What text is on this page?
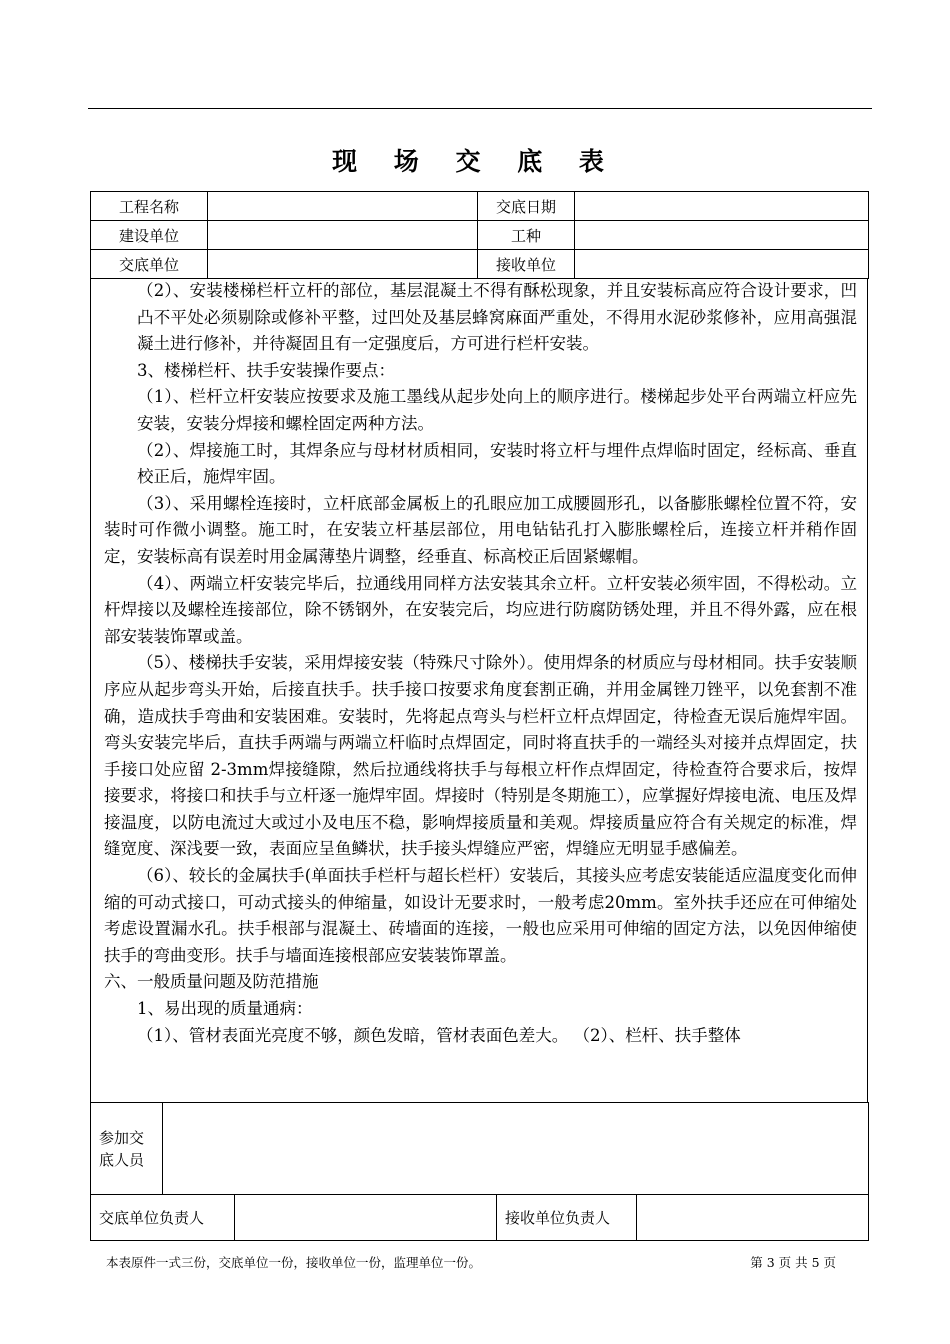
现 场 交 底 表
工程名称		交底日期	
建设单位		工种	
交底单位		接收单位	

（2）、安装楼梯栏杆立杆的部位，基层混凝土不得有酥松现象，并且安装标高应符合设计要求，凹凸不平处必须剔除或修补平整，过凹处及基层蜂窝麻面严重处，不得用水泥砂浆修补，应用高强混凝土进行修补，并待凝固且有一定强度后，方可进行栏杆安装。

3、楼梯栏杆、扶手安装操作要点：

（1）、栏杆立杆安装应按要求及施工墨线从起步处向上的顺序进行。楼梯起步处平台两端立杆应先安装，安装分焊接和螺栓固定两种方法。

（2）、焊接施工时，其焊条应与母材材质相同，安装时将立杆与埋件点焊临时固定，经标高、垂直校正后，施焊牢固。

（3）、采用螺栓连接时，立杆底部金属板上的孔眼应加工成腰圆形孔，以备膨胀螺栓位置不符，安装时可作微小调整。施工时，在安装立杆基层部位，用电钻钻孔打入膨胀螺栓后，连接立杆并稍作固定，安装标高有误差时用金属薄垫片调整，经垂直、标高校正后固紧螺帽。

（4）、两端立杆安装完毕后，拉通线用同样方法安装其余立杆。立杆安装必须牢固，不得松动。立杆焊接以及螺栓连接部位，除不锈钢外，在安装完后，均应进行防腐防锈处理，并且不得外露，应在根部安装装饰罩或盖。

（5）、楼梯扶手安装，采用焊接安装（特殊尺寸除外）。使用焊条的材质应与母材相同。扶手安装顺序应从起步弯头开始，后接直扶手。扶手接口按要求角度套割正确，并用金属锉刀锉平，以免套割不准确，造成扶手弯曲和安装困难。安装时，先将起点弯头与栏杆立杆点焊固定，待检查无误后施焊牢固。弯头安装完毕后，直扶手两端与两端立杆临时点焊固定，同时将直扶手的一端经头对接并点焊固定，扶手接口处应留 2-3mm焊接缝隙，然后拉通线将扶手与每根立杆作点焊固定，待检查符合要求后，按焊接要求，将接口和扶手与立杆逐一施焊牢固。焊接时（特别是冬期施工），应掌握好焊接电流、电压及焊接温度，以防电流过大或过小及电压不稳，影响焊接质量和美观。焊接质量应符合有关规定的标准，焊缝宽度、深浅要一致，表面应呈鱼鳞状，扶手接头焊缝应严密，焊缝应无明显手感偏差。

（6）、较长的金属扶手(单面扶手栏杆与超长栏杆）安装后，其接头应考虑安装能适应温度变化而伸缩的可动式接口，可动式接头的伸缩量，如设计无要求时，一般考虑20mm。室外扶手还应在可伸缩处考虑设置漏水孔。扶手根部与混凝土、砖墙面的连接，一般也应采用可伸缩的固定方法，以免因伸缩使扶手的弯曲变形。扶手与墙面连接根部应安装装饰罩盖。

六、一般质量问题及防范措施

1、易出现的质量通病：

（1）、管材表面光亮度不够，颜色发暗，管材表面色差大。 （2）、栏杆、扶手整体

参加交底人员				
交底单位负责人			接收单位负责人	
本表原件一式三份，交底单位一份，接收单位一份，监理单位一份。	第 3 页 共 5 页
